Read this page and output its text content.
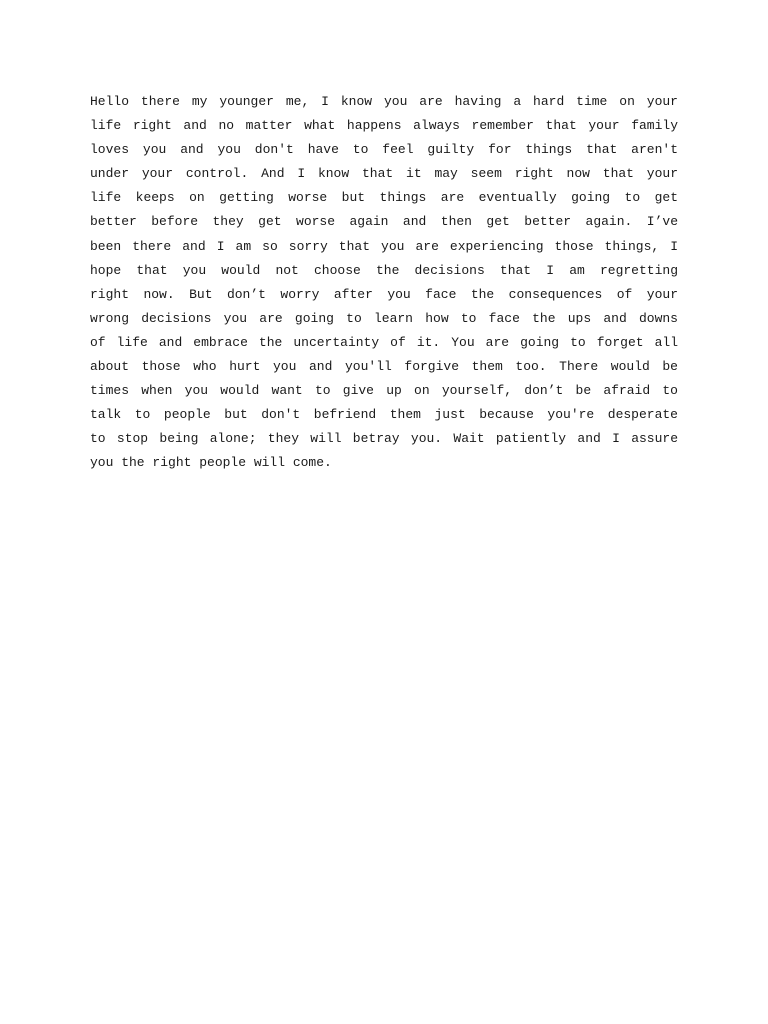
Hello there my younger me, I know you are having a hard time on your
life right and no matter what happens always remember that your family
loves you and you don't have to feel guilty for things that aren't
under your control. And I know that it may seem right now that your
life keeps on getting worse but things are eventually going to get
better before they get worse again and then get better again. I’ve
been there and I am so sorry that you are experiencing those things, I
hope that you would not choose the decisions that I am regretting
right now. But don’t worry after you face the consequences of your
wrong decisions you are going to learn how to face the ups and downs
of life and embrace the uncertainty of it. You are going to forget all
about those who hurt you and you'll forgive them too. There would be
times when you would want to give up on yourself, don’t be afraid to
talk to people but don't befriend them just because you're desperate
to stop being alone; they will betray you. Wait patiently and I assure
you the right people will come.
